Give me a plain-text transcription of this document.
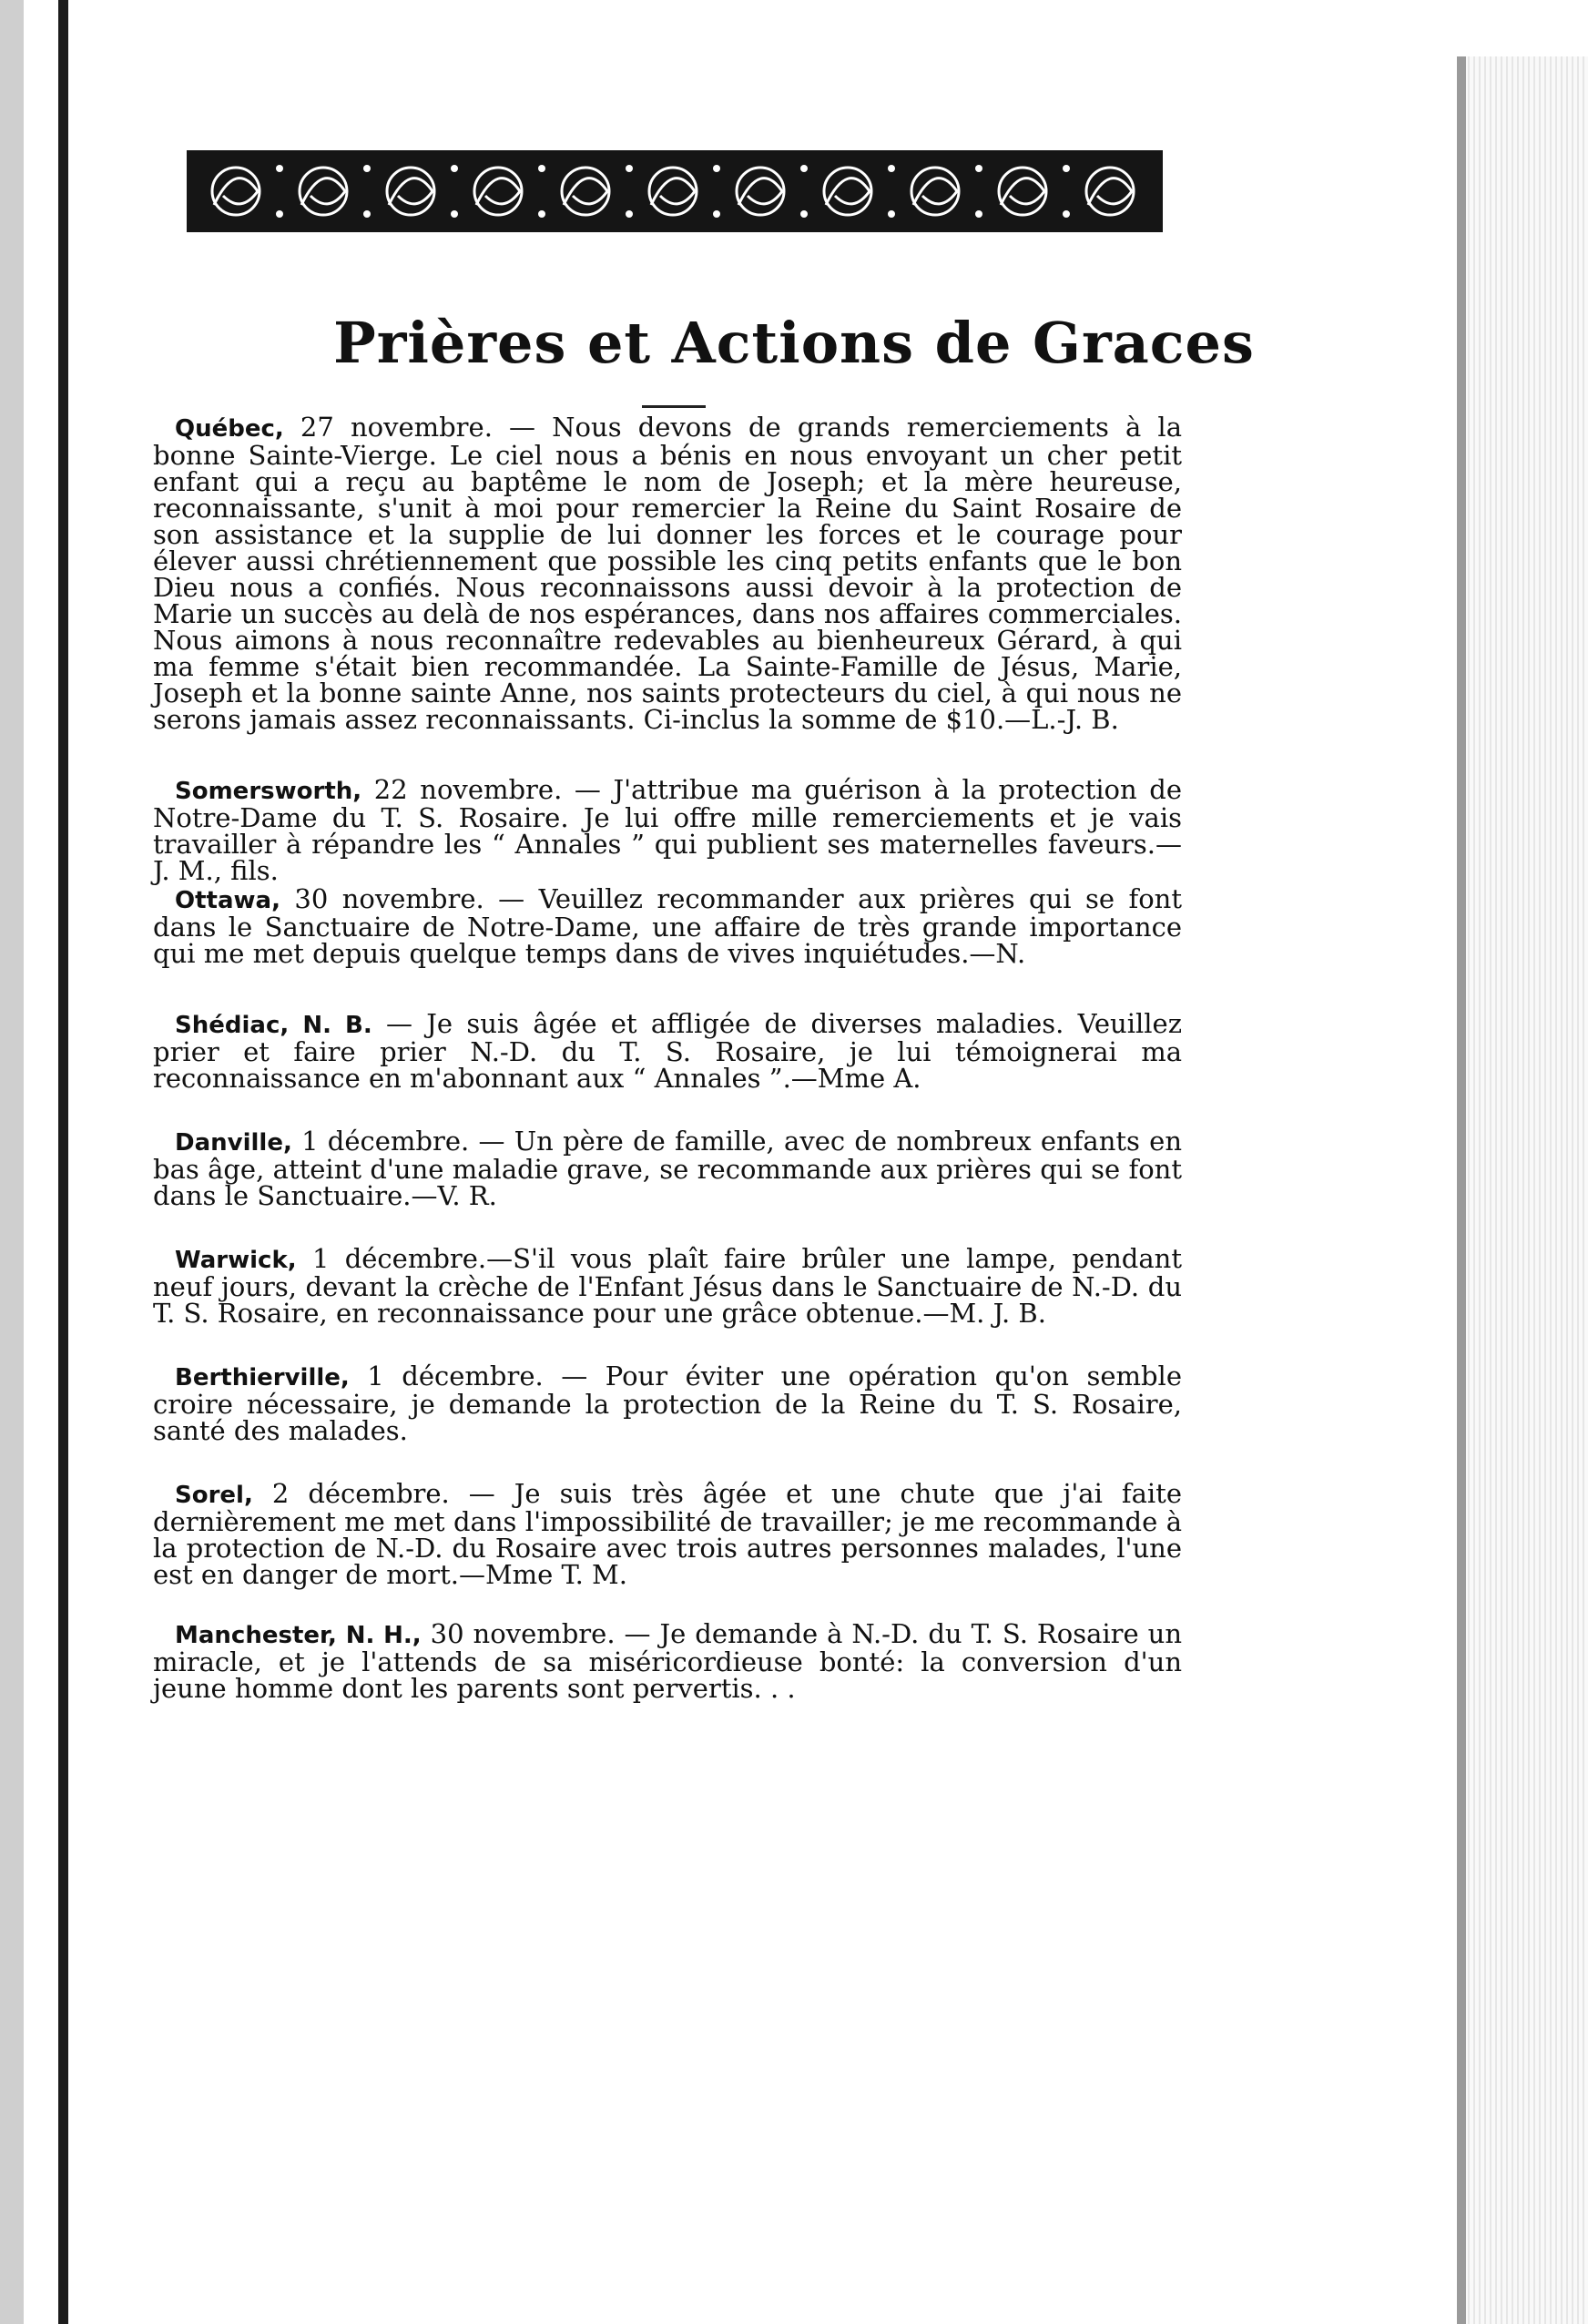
Prières et Actions de Graces

Québec, 27 novembre. — Nous devons de grands remerciements à la bonne Sainte-Vierge. Le ciel nous a bénis en nous envoyant un cher petit enfant qui a reçu au baptême le nom de Joseph; et la mère heureuse, reconnaissante, s'unit à moi pour remercier la Reine du Saint Rosaire de son assistance et la supplie de lui donner les forces et le courage pour élever aussi chrétiennement que possible les cinq petits enfants que le bon Dieu nous a confiés. Nous reconnaissons aussi devoir à la protection de Marie un succès au delà de nos espérances, dans nos affaires commerciales. Nous aimons à nous reconnaître redevables au bienheureux Gérard, à qui ma femme s'était bien recommandée. La Sainte-Famille de Jésus, Marie, Joseph et la bonne sainte Anne, nos saints protecteurs du ciel, à qui nous ne serons jamais assez reconnaissants. Ci-inclus la somme de $10.—L.-J. B.

Somersworth, 22 novembre. — J'attribue ma guérison à la protection de Notre-Dame du T. S. Rosaire. Je lui offre mille remerciements et je vais travailler à répandre les “ Annales ” qui publient ses maternelles faveurs.—J. M., fils.

Ottawa, 30 novembre. — Veuillez recommander aux prières qui se font dans le Sanctuaire de Notre-Dame, une affaire de très grande importance qui me met depuis quelque temps dans de vives inquiétudes.—N.

Shédiac, N. B. — Je suis âgée et affligée de diverses maladies. Veuillez prier et faire prier N.-D. du T. S. Rosaire, je lui témoignerai ma reconnaissance en m'abonnant aux “ Annales ”.—Mme A.

Danville, 1 décembre. — Un père de famille, avec de nombreux enfants en bas âge, atteint d'une maladie grave, se recommande aux prières qui se font dans le Sanctuaire.—V. R.

Warwick, 1 décembre.—S'il vous plaît faire brûler une lampe, pendant neuf jours, devant la crèche de l'Enfant Jésus dans le Sanctuaire de N.-D. du T. S. Rosaire, en reconnaissance pour une grâce obtenue.—M. J. B.

Berthierville, 1 décembre. — Pour éviter une opération qu'on semble croire nécessaire, je demande la protection de la Reine du T. S. Rosaire, santé des malades.

Sorel, 2 décembre. — Je suis très âgée et une chute que j'ai faite dernièrement me met dans l'impossibilité de travailler; je me recommande à la protection de N.-D. du Rosaire avec trois autres personnes malades, l'une est en danger de mort.—Mme T. M.

Manchester, N. H., 30 novembre. — Je demande à N.-D. du T. S. Rosaire un miracle, et je l'attends de sa miséricordieuse bonté: la conversion d'un jeune homme dont les parents sont pervertis. . .
